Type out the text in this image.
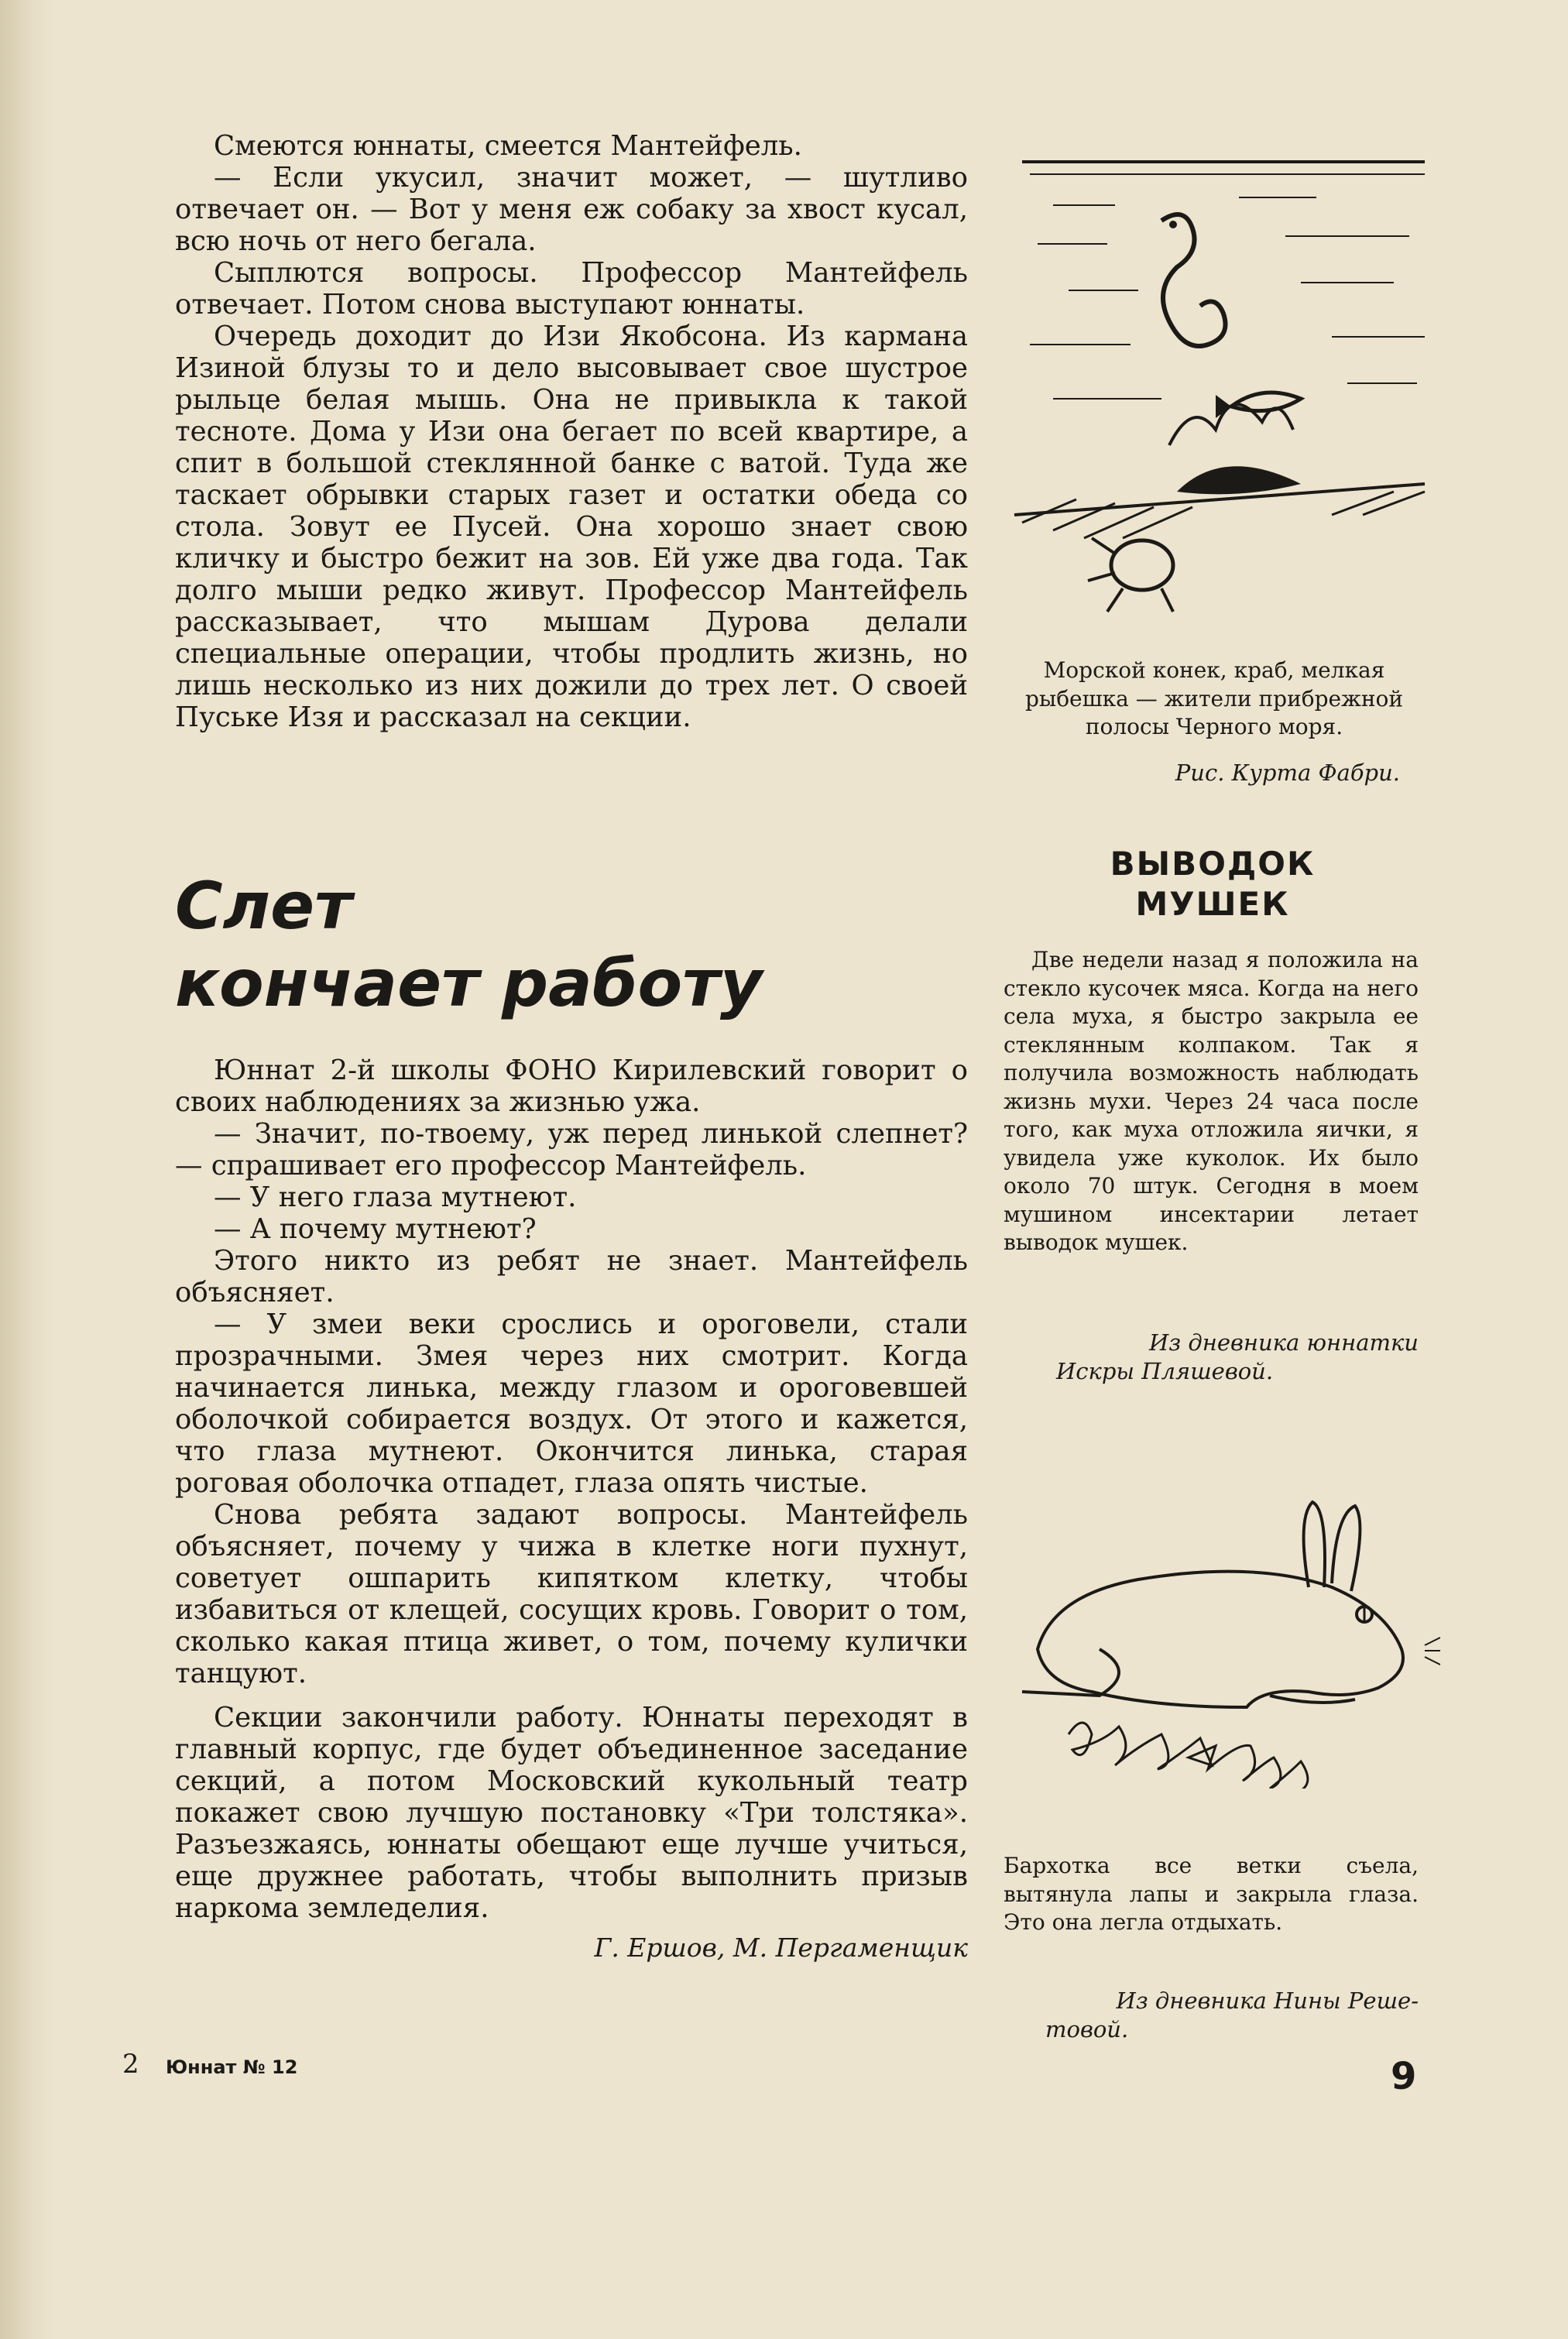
Смеются юннаты, смеется Мантейфель.

— Если укусил, значит может, — шутливо отвечает он. — Вот у меня еж собаку за хвост кусал, всю ночь от него бегала.

Сыплются вопросы. Профессор Мантейфель отвечает. Потом снова выступают юннаты.

Очередь доходит до Изи Якобсона. Из кармана Изиной блузы то и дело высовывает свое шустрое рыльце белая мышь. Она не привыкла к такой тесноте. Дома у Изи она бегает по всей квартире, а спит в большой стеклянной банке с ватой. Туда же таскает обрывки старых газет и остатки обеда со стола. Зовут ее Пусей. Она хорошо знает свою кличку и быстро бежит на зов. Ей уже два года. Так долго мыши редко живут. Профессор Мантейфель рассказывает, что мышам Дурова делали специальные операции, чтобы продлить жизнь, но лишь несколько из них дожили до трех лет. О своей Пуське Изя и рассказал на секции.

Слет
кончает работу

Юннат 2-й школы ФОНО Кирилевский говорит о своих наблюдениях за жизнью ужа.

— Значит, по-твоему, уж перед линькой слепнет? — спрашивает его профессор Мантейфель.

— У него глаза мутнеют.

— А почему мутнеют?

Этого никто из ребят не знает. Мантейфель объясняет.

— У змеи веки срослись и ороговели, стали прозрачными. Змея через них смотрит. Когда начинается линька, между глазом и ороговевшей оболочкой собирается воздух. От этого и кажется, что глаза мутнеют. Окончится линька, старая роговая оболочка отпадет, глаза опять чистые.

Снова ребята задают вопросы. Мантейфель объясняет, почему у чижа в клетке ноги пухнут, советует ошпарить кипятком клетку, чтобы избавиться от клещей, сосущих кровь. Говорит о том, сколько какая птица живет, о том, почему кулички танцуют.

Секции закончили работу. Юннаты переходят в главный корпус, где будет объединенное заседание секций, а потом Московский кукольный театр покажет свою лучшую постановку «Три толстяка». Разъезжаясь, юннаты обещают еще лучше учиться, еще дружнее работать, чтобы выполнить призыв наркома земледелия.

Г. Ершов, М. Пергаменщик

Морской конек, краб, мелкая рыбешка — жители прибрежной полосы Черного моря.

Рис. Курта Фабри.

ВЫВОДОК
МУШЕК

Две недели назад я положила на стекло кусочек мяса. Когда на него села муха, я быстро закрыла ее стеклянным колпаком. Так я получила возможность наблюдать жизнь мухи. Через 24 часа после того, как муха отложила яички, я увидела уже куколок. Их было около 70 штук. Сегодня в моем мушином инсектарии летает выводок мушек.

Из дневника юннатки
Искры Пляшевой.

Бархотка все ветки съела, вытянула лапы и закрыла глаза. Это она легла отдыхать.

Из дневника Нины Реше-
товой.
2 Юннат № 12	9
